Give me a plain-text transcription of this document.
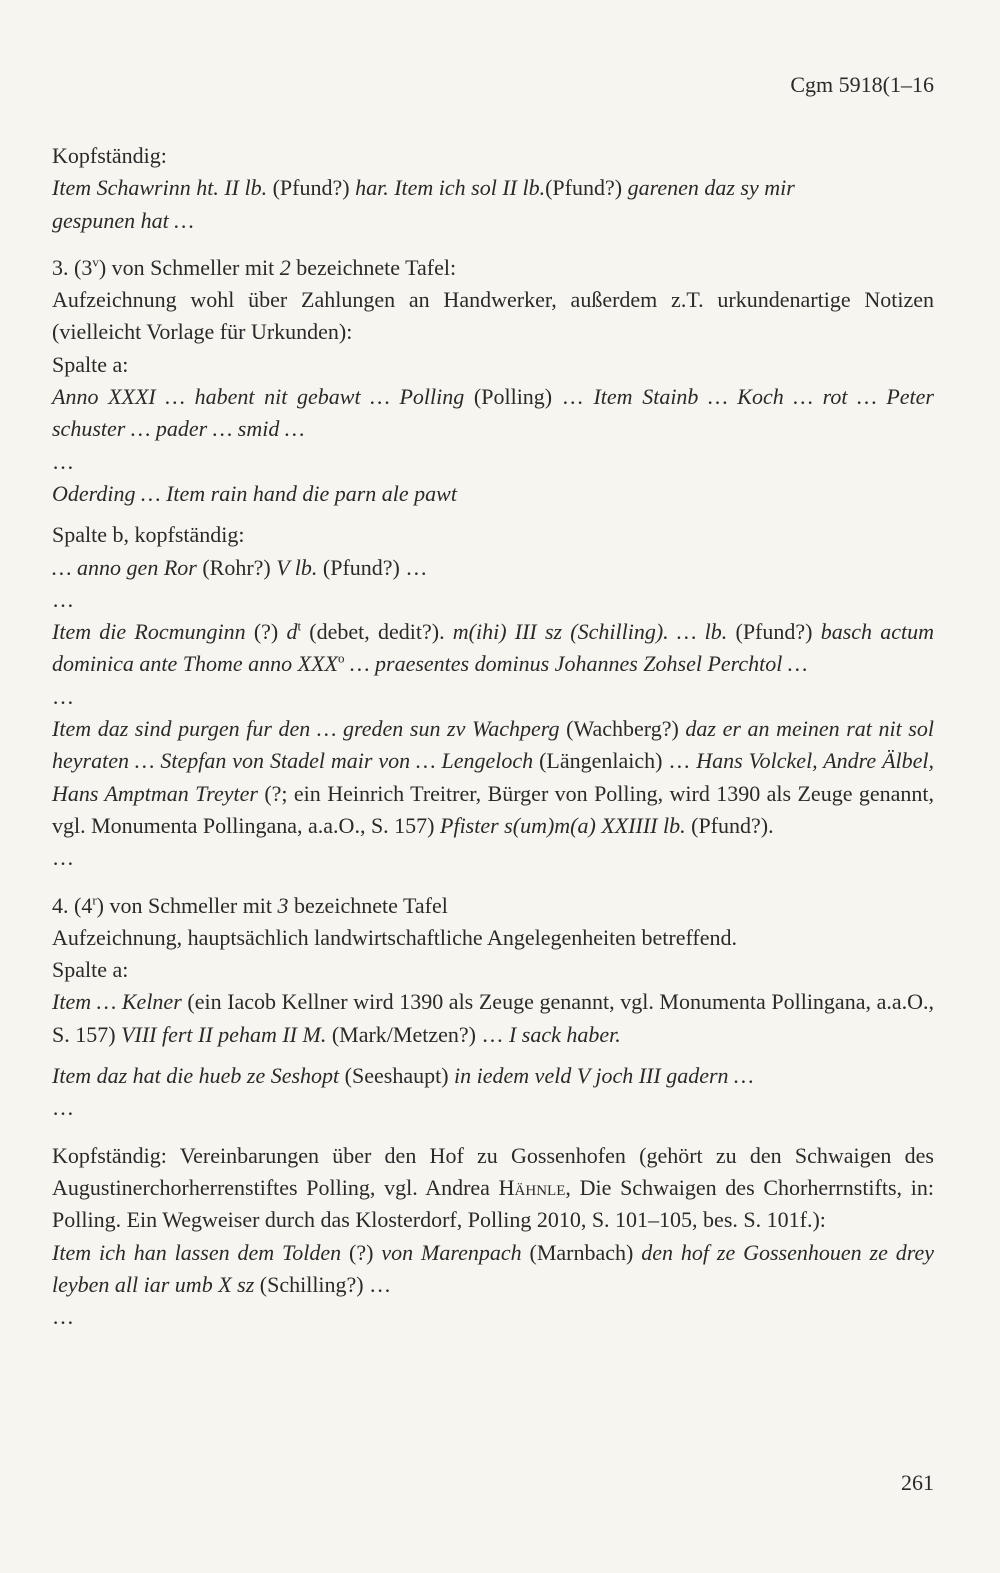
Cgm 5918(1–16

Kopfständig:
Item Schawrinn ht. II lb. (Pfund?) har. Item ich sol II lb.(Pfund?) garenen daz sy mir
gespunen hat …

3. (3$^v$) von Schmeller mit 2 bezeichnete Tafel:

Aufzeichnung wohl über Zahlungen an Handwerker, außerdem z.T. urkundenartige Notizen (vielleicht Vorlage für Urkunden):

Spalte a:

Anno XXXI … habent nit gebawt … Polling (Polling) … Item Stainb … Koch … rot … Peter schuster … pader … smid …

…

Oderding … Item rain hand die parn ale pawt

Spalte b, kopfständig:

… anno gen Ror (Rohr?) V lb. (Pfund?) …

…

Item die Rocmunginn (?) $d^t$ (debet, dedit?). m(ihi) III sz (Schilling). … lb. (Pfund?) basch actum dominica ante Thome anno XXX$^o$ … praesentes dominus Johannes Zohsel Perchtol …

…

Item daz sind purgen fur den … greden sun zv Wachperg (Wachberg?) daz er an meinen rat nit sol heyraten … Stepfan von Stadel mair von … Lengeloch (Längenlaich) … Hans Volckel, Andre Älbel, Hans Amptman Treyter (?; ein Heinrich Treitrer, Bürger von Polling, wird 1390 als Zeuge genannt, vgl. Monumenta Pollingana, a.a.O., S. 157) Pfister s(um)m(a) XXIIII lb. (Pfund?).

…

4. (4$^r$) von Schmeller mit 3 bezeichnete Tafel

Aufzeichnung, hauptsächlich landwirtschaftliche Angelegenheiten betreffend.

Spalte a:

Item … Kelner (ein Iacob Kellner wird 1390 als Zeuge genannt, vgl. Monumenta Pollingana, a.a.O., S. 157) VIII fert II peham II M. (Mark/Metzen?) … I sack haber.

Item daz hat die hueb ze Seshopt (Seeshaupt) in iedem veld V joch III gadern …

…

Kopfständig: Vereinbarungen über den Hof zu Gossenhofen (gehört zu den Schwaigen des Augustinerchorherrenstiftes Polling, vgl. Andrea Hähnle, Die Schwaigen des Chorherrnstifts, in: Polling. Ein Wegweiser durch das Klosterdorf, Polling 2010, S. 101–105, bes. S. 101f.):

Item ich han lassen dem Tolden (?) von Marenpach (Marnbach) den hof ze Gossenhouen ze drey leyben all iar umb X sz (Schilling?) …

…

261
